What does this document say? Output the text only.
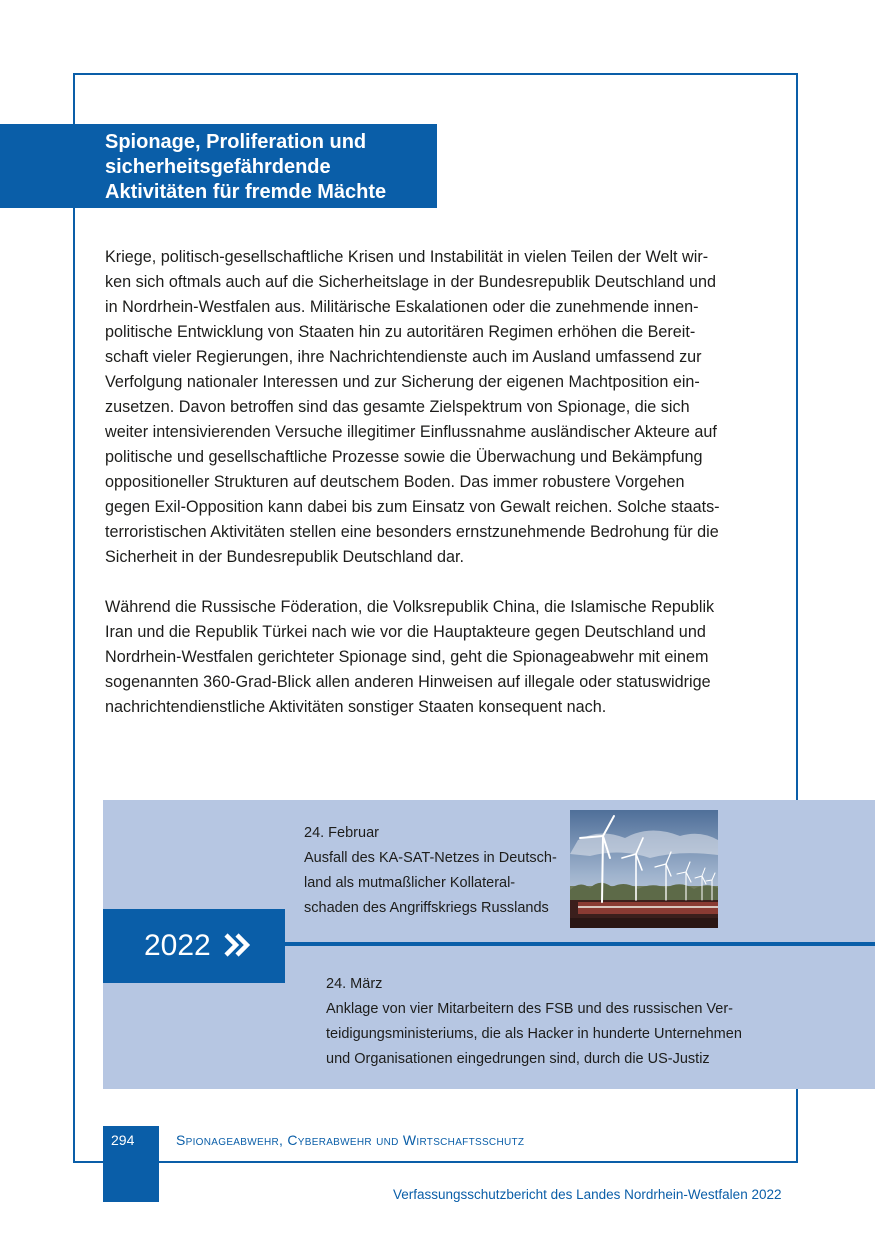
Spionage, Proliferation und
sicherheitsgefährdende
Aktivitäten für fremde Mächte
Kriege, politisch-gesellschaftliche Krisen und Instabilität in vielen Teilen der Welt wir-
ken sich oftmals auch auf die Sicherheitslage in der Bundesrepublik Deutschland und
in Nordrhein-Westfalen aus. Militärische Eskalationen oder die zunehmende innen-
politische Entwicklung von Staaten hin zu autoritären Regimen erhöhen die Bereit-
schaft vieler Regierungen, ihre Nachrichtendienste auch im Ausland umfassend zur
Verfolgung nationaler Interessen und zur Sicherung der eigenen Machtposition ein-
zusetzen. Davon betroffen sind das gesamte Zielspektrum von Spionage, die sich
weiter intensivierenden Versuche illegitimer Einflussnahme ausländischer Akteure auf
politische und gesellschaftliche Prozesse sowie die Überwachung und Bekämpfung
oppositioneller Strukturen auf deutschem Boden. Das immer robustere Vorgehen
gegen Exil-Opposition kann dabei bis zum Einsatz von Gewalt reichen. Solche staats-
terroristischen Aktivitäten stellen eine besonders ernstzunehmende Bedrohung für die
Sicherheit in der Bundesrepublik Deutschland dar.
Während die Russische Föderation, die Volksrepublik China, die Islamische Republik
Iran und die Republik Türkei nach wie vor die Hauptakteure gegen Deutschland und
Nordrhein-Westfalen gerichteter Spionage sind, geht die Spionageabwehr mit einem
sogenannten 360-Grad-Blick allen anderen Hinweisen auf illegale oder statuswidrige
nachrichtendienstliche Aktivitäten sonstiger Staaten konsequent nach.
24. Februar
Ausfall des KA-SAT-Netzes in Deutsch-
land als mutmaßlicher Kollateral-
schaden des Angriffskriegs Russlands
2022
24. März
Anklage von vier Mitarbeitern des FSB und des russischen Ver-
teidigungsministeriums, die als Hacker in hunderte Unternehmen
und Organisationen eingedrungen sind, durch die US-Justiz
294	Spionageabwehr, Cyberabwehr und Wirtschaftsschutz
Verfassungsschutzbericht des Landes Nordrhein-Westfalen 2022
